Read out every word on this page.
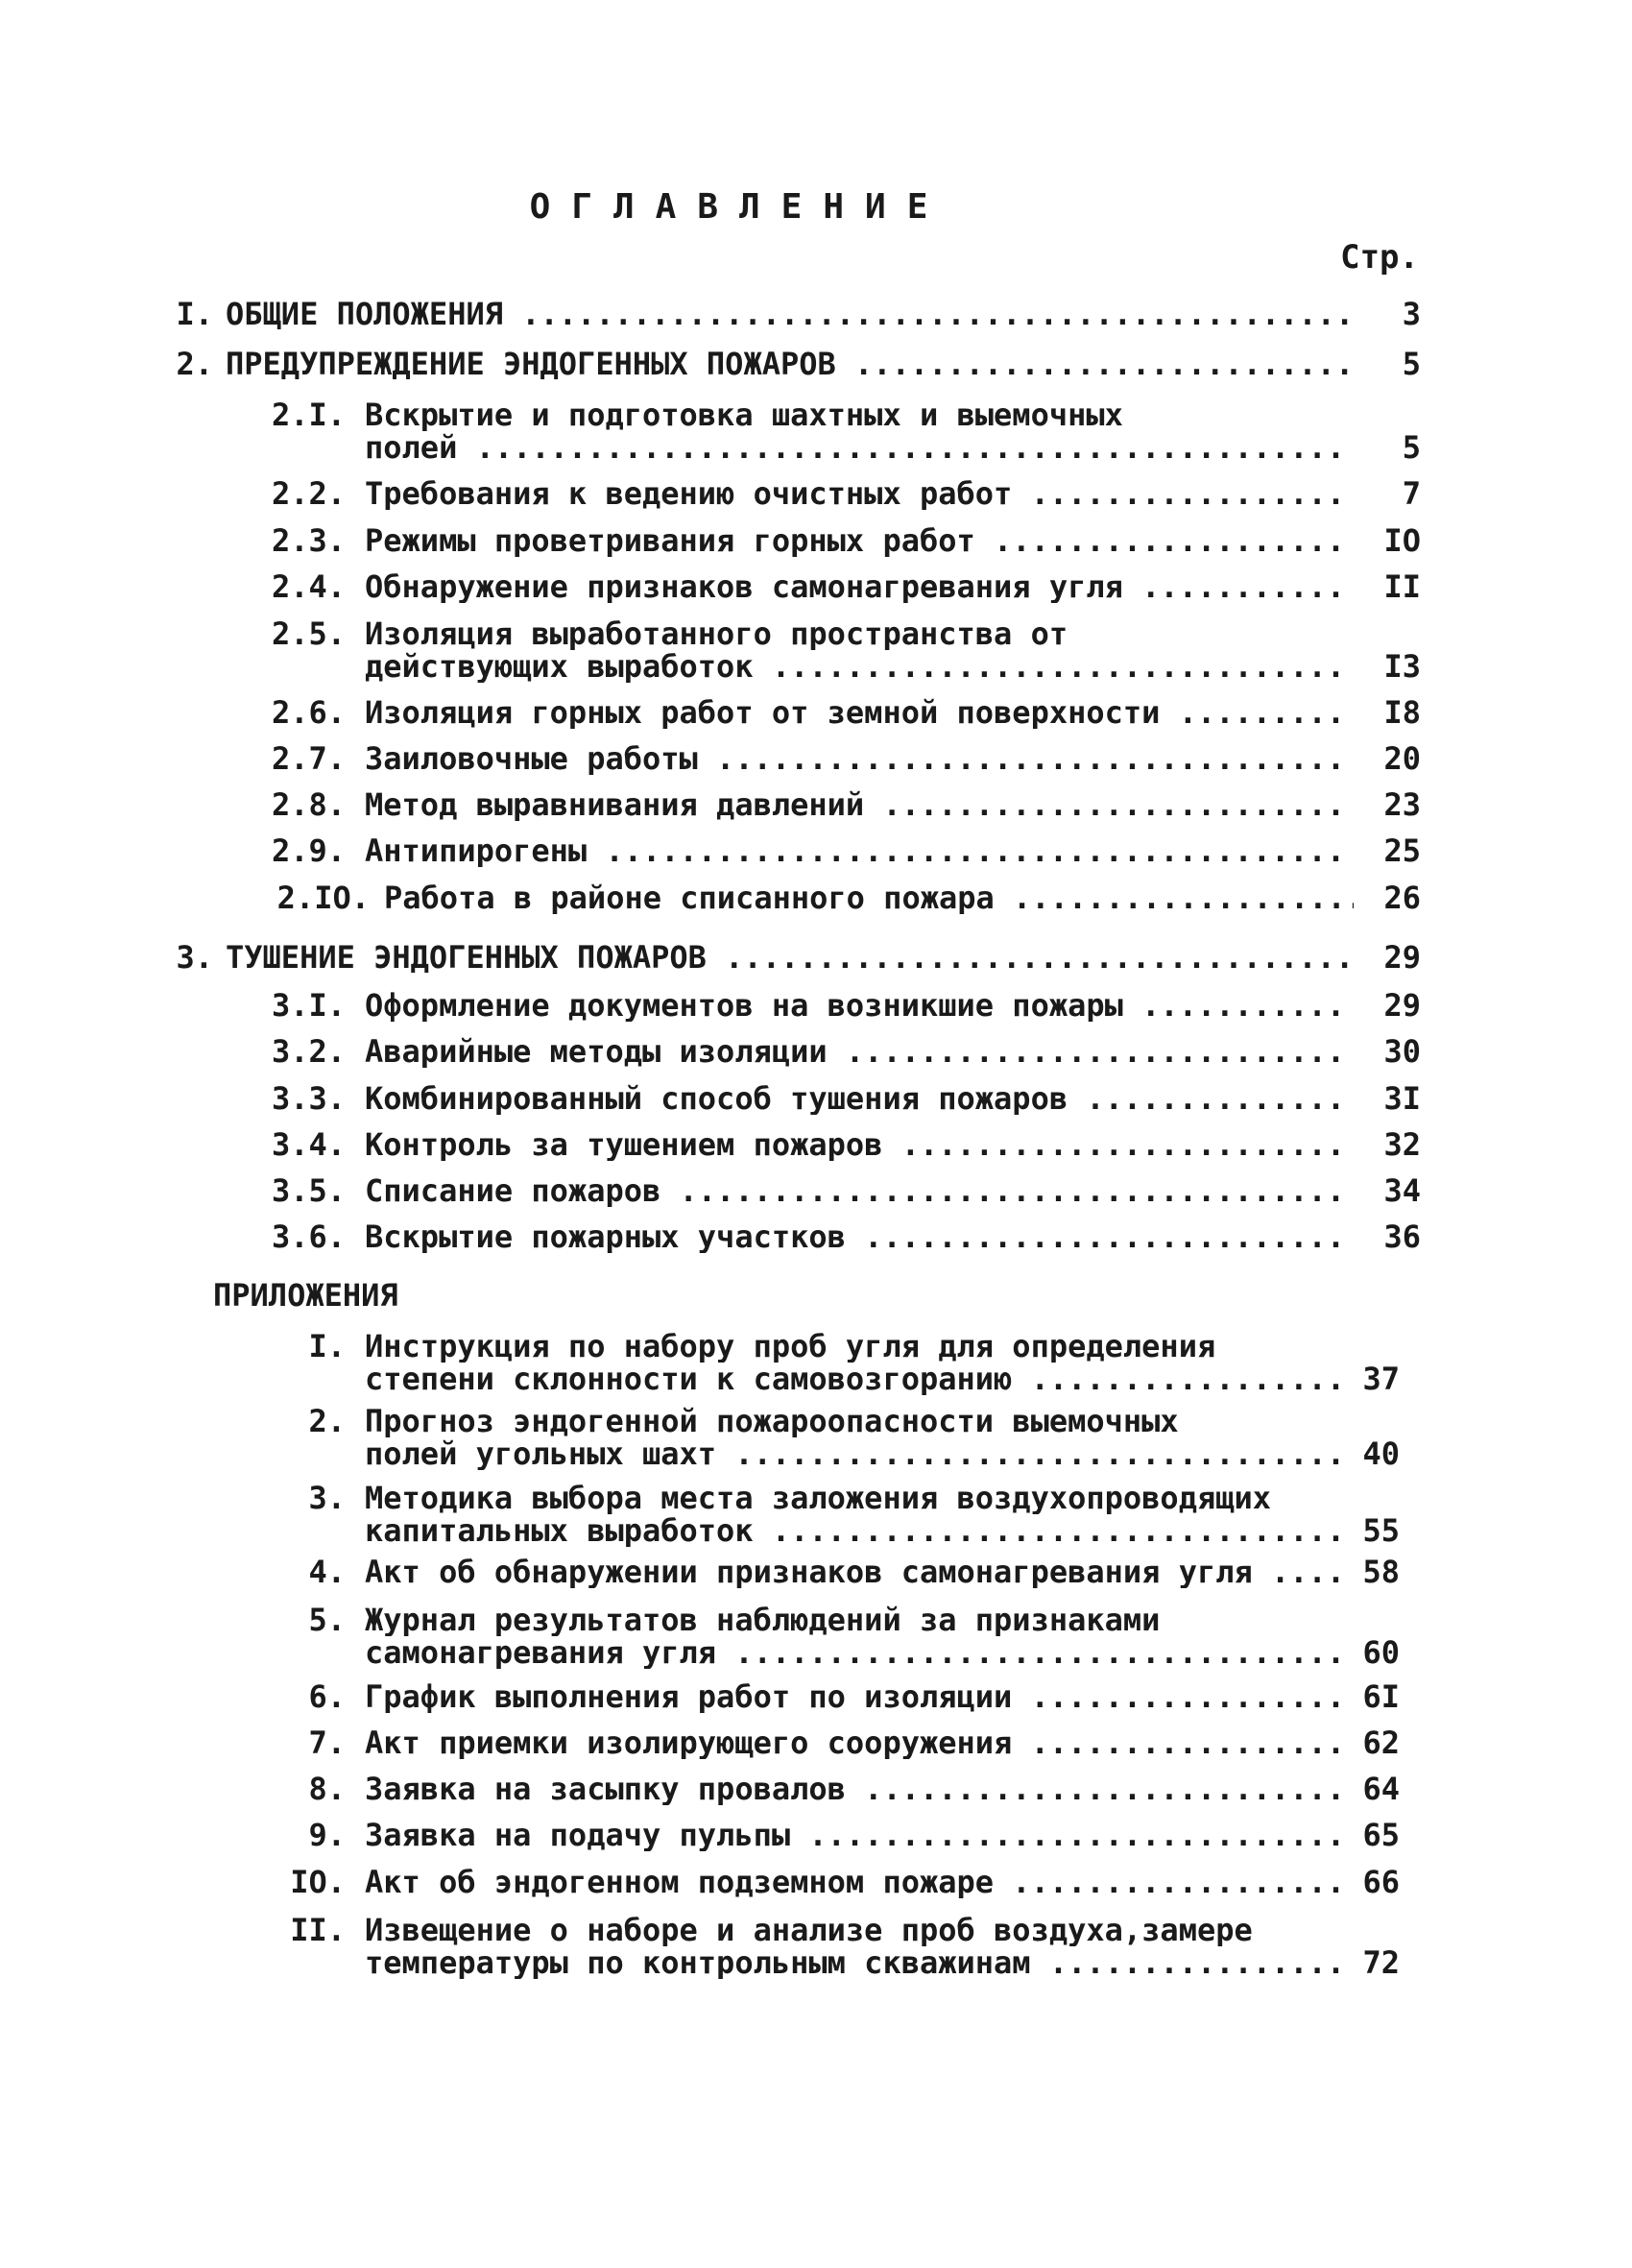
ОГЛАВЛЕНИЕ
Стр.
I. ОБЩИЕ ПОЛОЖЕНИЯ .....	3
2. ПРЕДУПРЕЖДЕНИЕ ЭНДОГЕННЫХ ПОЖАРОВ .....	5
2.I. Вскрытие и подготовка шахтных и выемочных
полей .....	5
2.2. Требования к ведению очистных работ .....	7
2.3. Режимы проветривания горных работ .....	IO
2.4. Обнаружение признаков самонагревания угля .....	II
2.5. Изоляция выработанного пространства от
действующих выработок .....	I3
2.6. Изоляция горных работ от земной поверхности .....	I8
2.7. Заиловочные работы .....	20
2.8. Метод выравнивания давлений .....	23
2.9. Антипирогены .....	25
2.IO. Работа в районе списанного пожара .....	26
3. ТУШЕНИЕ ЭНДОГЕННЫХ ПОЖАРОВ .....	29
3.I. Оформление документов на возникшие пожары .....	29
3.2. Аварийные методы изоляции .....	30
3.3. Комбинированный способ тушения пожаров .....	3I
3.4. Контроль за тушением пожаров .....	32
3.5. Списание пожаров .....	34
3.6. Вскрытие пожарных участков .....	36
ПРИЛОЖЕНИЯ
I. Инструкция по набору проб угля для определения
степени склонности к самовозгоранию .....	37
2. Прогноз эндогенной пожароопасности выемочных
полей угольных шахт .....	40
3. Методика выбора места заложения воздухопроводящих
капитальных выработок .....	55
4. Акт об обнаружении признаков самонагревания угля .....	58
5. Журнал результатов наблюдений за признаками
самонагревания угля .....	60
6. График выполнения работ по изоляции .....	6I
7. Акт приемки изолирующего сооружения .....	62
8. Заявка на засыпку провалов .....	64
9. Заявка на подачу пульпы .....	65
IO. Акт об эндогенном подземном пожаре .....	66
II. Извещение о наборе и анализе проб воздуха,замере
температуры по контрольным скважинам .....	72
